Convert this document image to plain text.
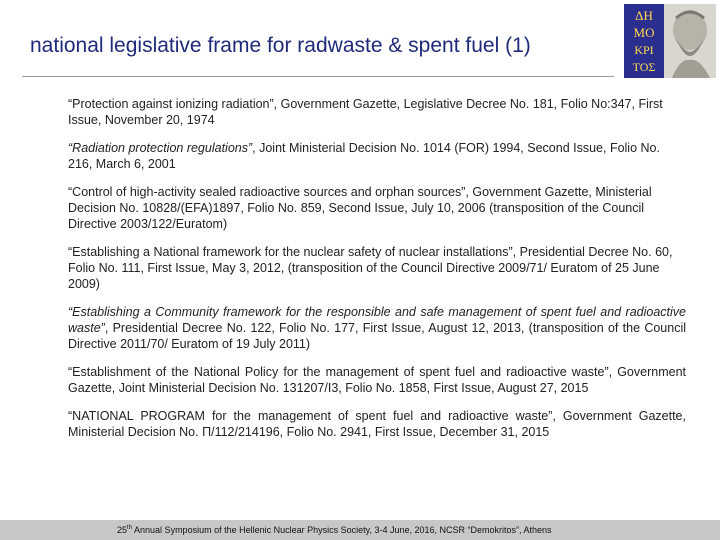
national legislative frame for radwaste & spent fuel (1)
ΔΗ
ΜΟ
ΚΡΙ
ΤΟΣ
“Protection against ionizing radiation”, Government Gazette, Legislative Decree No. 181, Folio No:347, First Issue, November 20, 1974
“Radiation protection regulations”, Joint Ministerial Decision No. 1014 (FOR) 1994, Second Issue, Folio No. 216, March 6, 2001
“Control of high-activity sealed radioactive sources and orphan sources”, Government Gazette, Ministerial Decision No. 10828/(EFA)1897, Folio No. 859, Second Issue, July 10, 2006 (transposition of the Council Directive 2003/122/Euratom)
“Establishing a National framework for the nuclear safety of nuclear installations”, Presidential Decree No. 60, Folio No. 111, First Issue, May 3, 2012, (transposition of the Council Directive 2009/71/ Euratom of 25 June 2009)
“Establishing a Community framework for the responsible and safe management of spent fuel and radioactive waste”, Presidential Decree No. 122, Folio No. 177, First Issue, August 12, 2013, (transposition of the Council Directive 2011/70/ Euratom of 19 July 2011)
“Establishment of the National Policy for the management of spent fuel and radioactive waste”, Government Gazette, Joint Ministerial Decision No. 131207/I3, Folio No. 1858, First Issue, August 27, 2015
“NATIONAL PROGRAM for the management of spent fuel and radioactive waste”, Government Gazette, Ministerial Decision No. Π/112/214196, Folio No. 2941, First Issue, December 31, 2015
25th Annual Symposium of the Hellenic Nuclear Physics Society, 3-4 June, 2016, NCSR “Demokritos”, Athens
